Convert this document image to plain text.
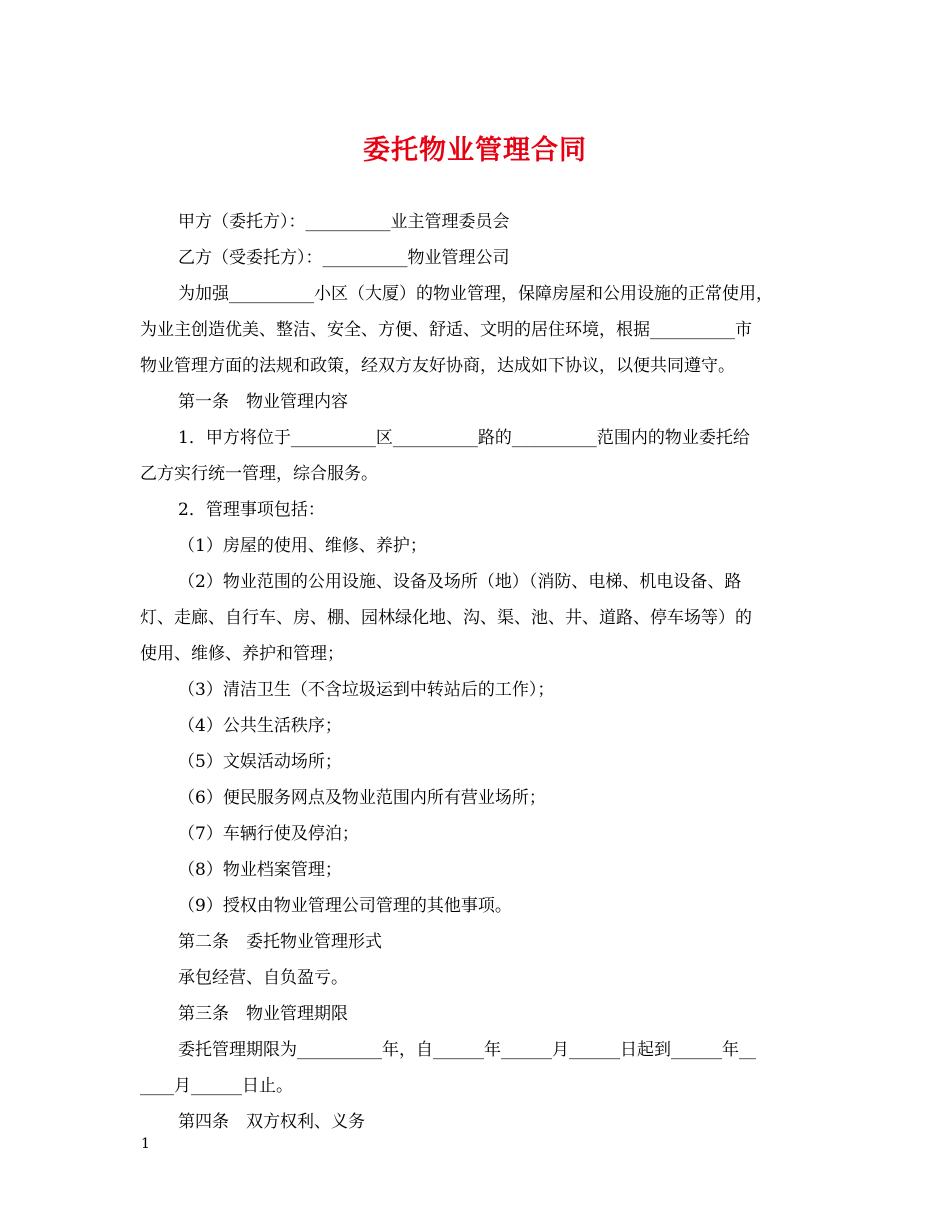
委托物业管理合同
甲方（委托方）：__________业主管理委员会
乙方（受委托方）：__________物业管理公司
为加强__________小区（大厦）的物业管理，保障房屋和公用设施的正常使用，
为业主创造优美、整洁、安全、方便、舒适、文明的居住环境，根据__________市
物业管理方面的法规和政策，经双方友好协商，达成如下协议，以便共同遵守。
第一条　物业管理内容
1．甲方将位于__________区__________路的__________范围内的物业委托给
乙方实行统一管理，综合服务。
2．管理事项包括：
（1）房屋的使用、维修、养护；
（2）物业范围的公用设施、设备及场所（地）（消防、电梯、机电设备、路
灯、走廊、自行车、房、棚、园林绿化地、沟、渠、池、井、道路、停车场等）的
使用、维修、养护和管理；
（3）清洁卫生（不含垃圾运到中转站后的工作）；
（4）公共生活秩序；
（5）文娱活动场所；
（6）便民服务网点及物业范围内所有营业场所；
（7）车辆行使及停泊；
（8）物业档案管理；
（9）授权由物业管理公司管理的其他事项。
第二条　委托物业管理形式
承包经营、自负盈亏。
第三条　物业管理期限
委托管理期限为__________年，自______年______月______日起到______年__
____月______日止。
第四条　双方权利、义务
1
